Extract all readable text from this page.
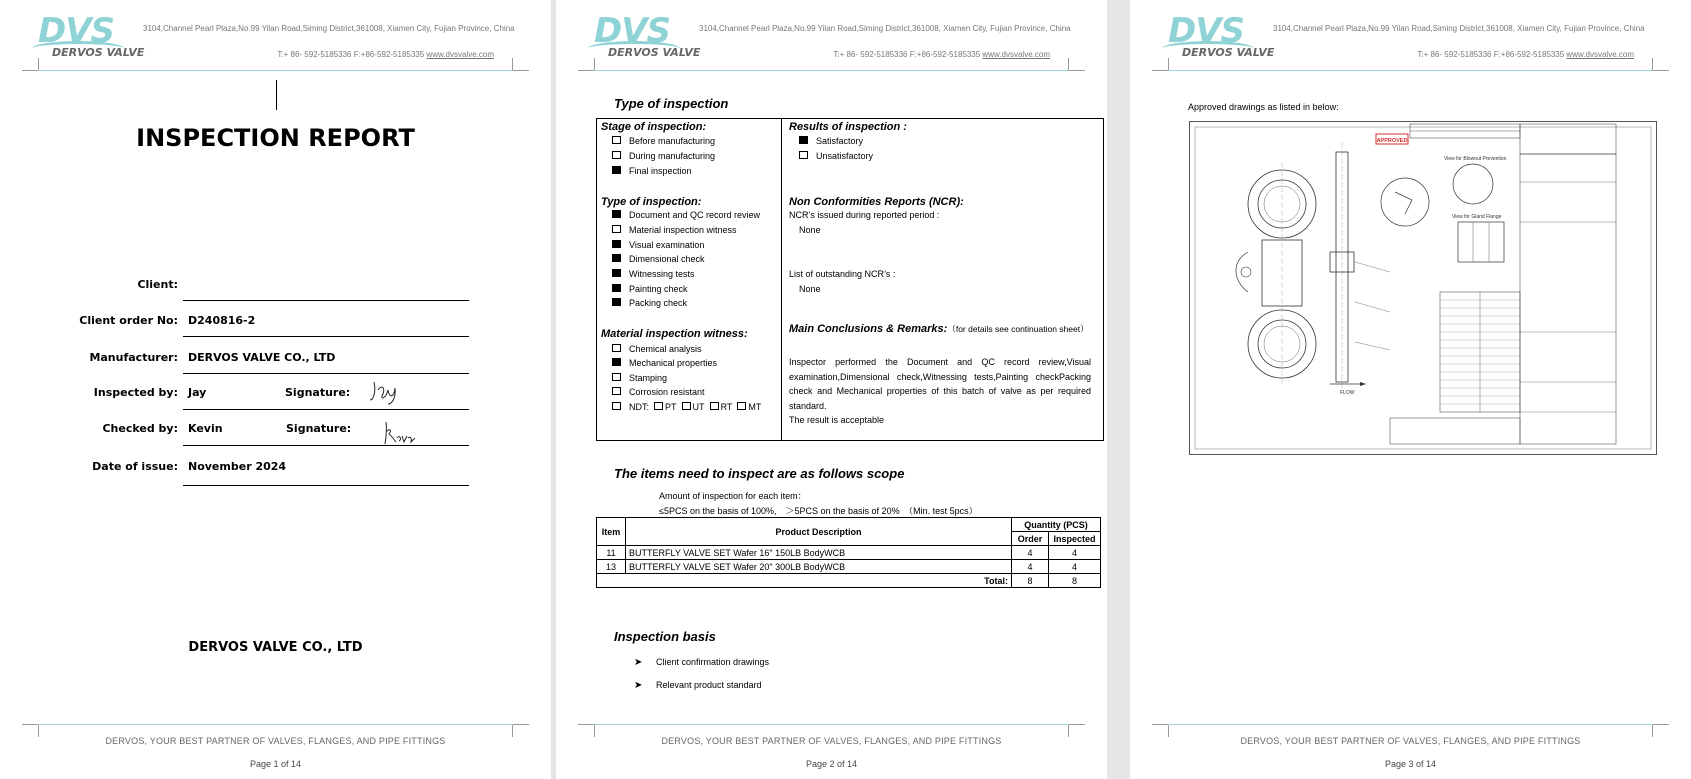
DVS
DERVOS VALVE
3104,Channel Pearl Plaza,No.99 Yilan Road,Siming District,361008, Xiamen City, Fujian Province, China
T:+ 86- 592-5185336 F:+86-592-5185335 www.dvsvalve.com
INSPECTION REPORT
Client:
Client order No: D240816-2
Manufacturer: DERVOS VALVE CO., LTD
Inspected by: Jay	Signature:
Checked by: Kevin	Signature:
Date of issue: November 2024
DERVOS VALVE CO., LTD
DERVOS, YOUR BEST PARTNER OF VALVES, FLANGES, AND PIPE FITTINGS
Page 1 of 14
DVS
DERVOS VALVE
3104,Channel Pearl Plaza,No.99 Yilan Road,Siming District,361008, Xiamen City, Fujian Province, China
T:+ 86- 592-5185336 F:+86-592-5185335 www.dvsvalve.com
Type of inspection
Stage of inspection:
Before manufacturing
During manufacturing
Final inspection
Type of inspection:
Document and QC record review
Material inspection witness
Visual examination
Dimensional check
Witnessing tests
Painting check
Packing check
Material inspection witness:
Chemical analysis
Mechanical properties
Stamping
Corrosion resistant
NDT: PT UT RT MT
Results of inspection :
Satisfactory
Unsatisfactory
Non Conformities Reports (NCR):
NCR’s issued during reported period :
None
List of outstanding NCR’s :
None
Main Conclusions & Remarks:（for details see continuation sheet）
Inspector performed the Document and QC record review,Visual examination,Dimensional check,Witnessing tests,Painting checkPacking check and Mechanical properties of this batch of valve as per required standard.
The result is acceptable
The items need to inspect are as follows scope
Amount of inspection for each item：
≤5PCS on the basis of 100%,　＞5PCS on the basis of 20%　（Min. test 5pcs）
Item	Product Description	Quantity (PCS)	
		Order	Inspected
11	BUTTERFLY VALVE SET Wafer 16" 150LB BodyWCB	4	4
13	BUTTERFLY VALVE SET Wafer 20" 300LB BodyWCB	4	4
Total:		8	8
Inspection basis
➤ Client confirmation drawings
➤ Relevant product standard
DERVOS, YOUR BEST PARTNER OF VALVES, FLANGES, AND PIPE FITTINGS
Page 2 of 14
DVS
DERVOS VALVE
3104,Channel Pearl Plaza,No.99 Yilan Road,Siming District,361008, Xiamen City, Fujian Province, China
T:+ 86- 592-5185336 F:+86-592-5185335 www.dvsvalve.com
Approved drawings as listed in below:
APPROVED
FLOW
View for Blowout Prevention
View for Gland Flange
DERVOS, YOUR BEST PARTNER OF VALVES, FLANGES, AND PIPE FITTINGS
Page 3 of 14
